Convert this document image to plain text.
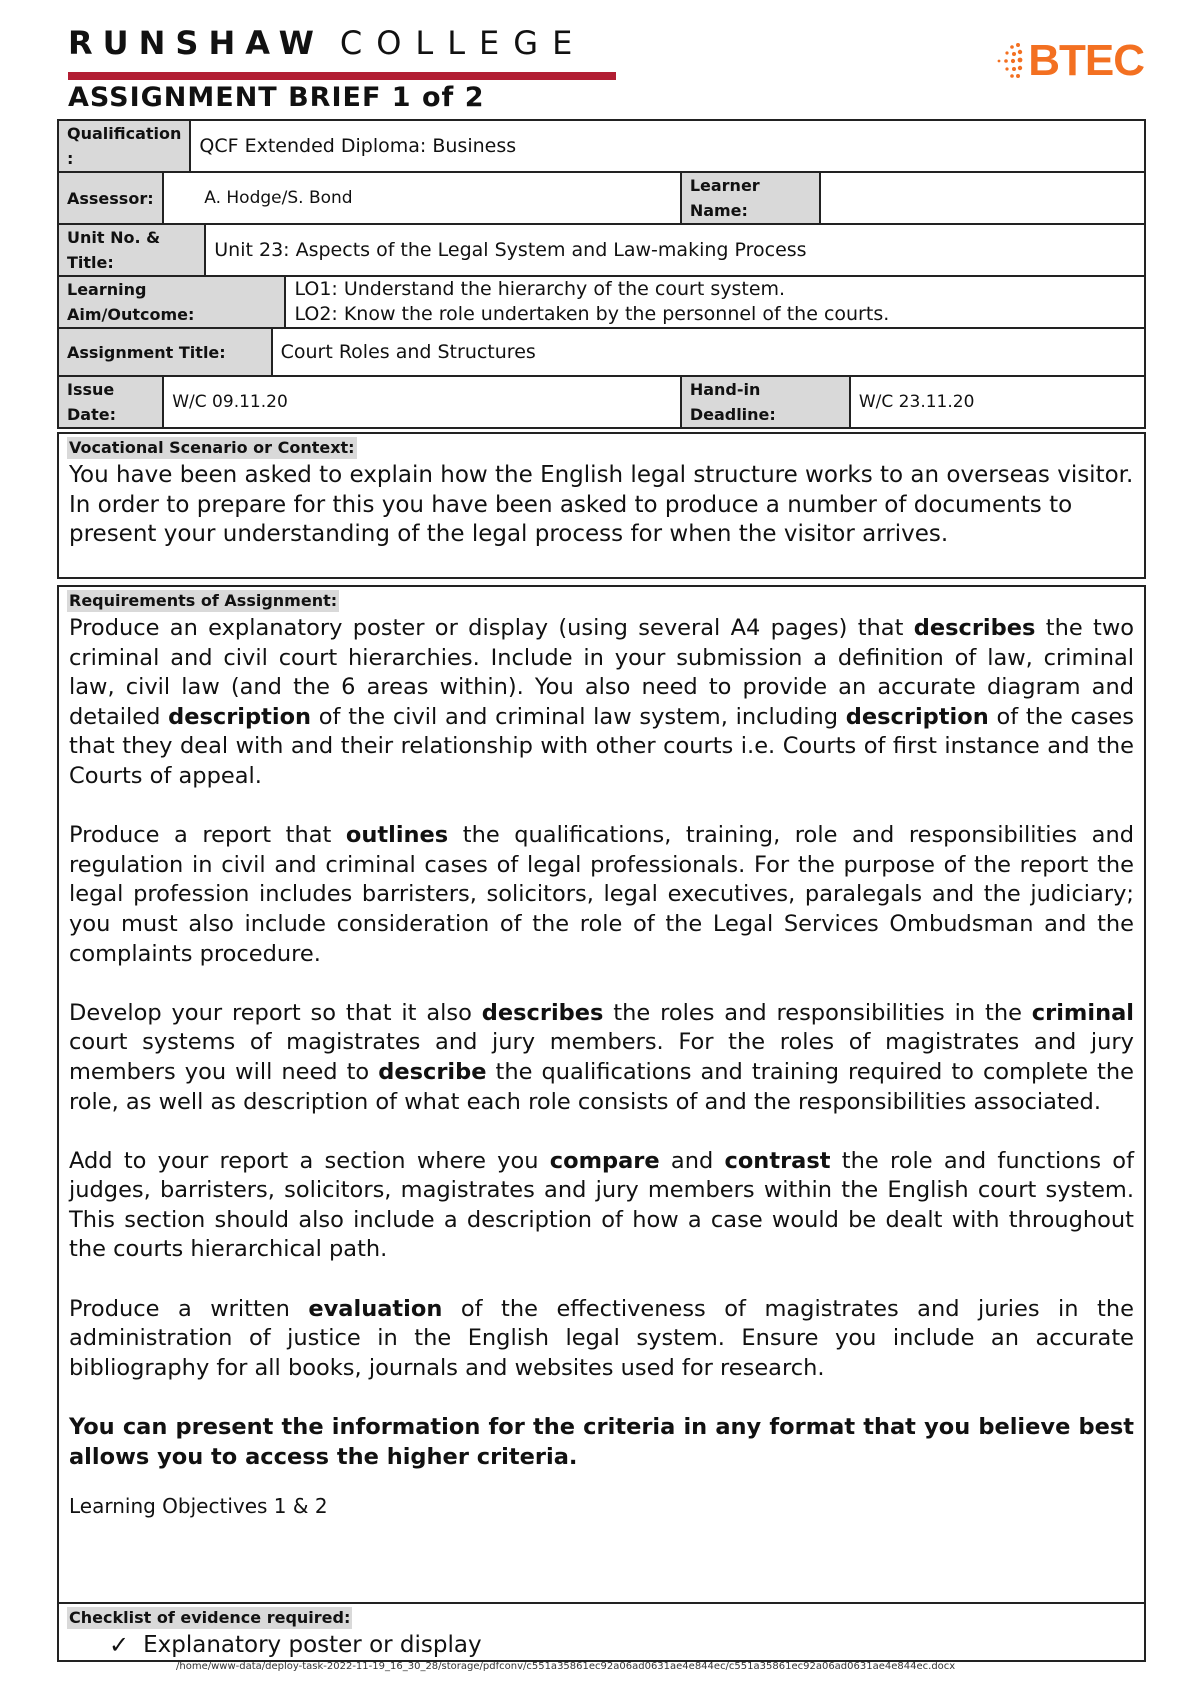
RUNSHAW COLLEGE
ASSIGNMENT BRIEF 1 of 2
BTEC
Qualification :		QCF Extended Diploma: Business						
Assessor:	A. Hodge/S. Bond					Learner Name:		
Unit No. & Title:			Unit 23: Aspects of the Legal System and Law-making Process					
Learning Aim/Outcome:					LO1: Understand the hierarchy of the court system.
LO2: Know the role undertaken by the personnel of the courts.			

Assignment Title:				Court Roles and Structures				
Issue Date:	W/C 09.11.20					Hand-in Deadline:		W/C 23.11.20
Vocational Scenario or Context:

You have been asked to explain how the English legal structure works to an overseas visitor. In order to prepare for this you have been asked to produce a number of documents to present your understanding of the legal process for when the visitor arrives.

Requirements of Assignment:

Produce an explanatory poster or display (using several A4 pages) that describes the two criminal and civil court hierarchies. Include in your submission a definition of law, criminal law, civil law (and the 6 areas within). You also need to provide an accurate diagram and detailed description of the civil and criminal law system, including description of the cases that they deal with and their relationship with other courts i.e. Courts of first instance and the Courts of appeal.

Produce a report that outlines the qualifications, training, role and responsibilities and regulation in civil and criminal cases of legal professionals. For the purpose of the report the legal profession includes barristers, solicitors, legal executives, paralegals and the judiciary; you must also include consideration of the role of the Legal Services Ombudsman and the complaints procedure.

Develop your report so that it also describes the roles and responsibilities in the criminal court systems of magistrates and jury members. For the roles of magistrates and jury members you will need to describe the qualifications and training required to complete the role, as well as description of what each role consists of and the responsibilities associated.

Add to your report a section where you compare and contrast the role and functions of judges, barristers, solicitors, magistrates and jury members within the English court system. This section should also include a description of how a case would be dealt with throughout the courts hierarchical path.

Produce a written evaluation of the effectiveness of magistrates and juries in the administration of justice in the English legal system. Ensure you include an accurate bibliography for all books, journals and websites used for research.

You can present the information for the criteria in any format that you believe best allows you to access the higher criteria.

Learning Objectives 1 & 2

Checklist of evidence required:
✓ Explanatory poster or display
/home/www-data/deploy-task-2022-11-19_16_30_28/storage/pdfconv/c551a35861ec92a06ad0631ae4e844ec/c551a35861ec92a06ad0631ae4e844ec.docx
